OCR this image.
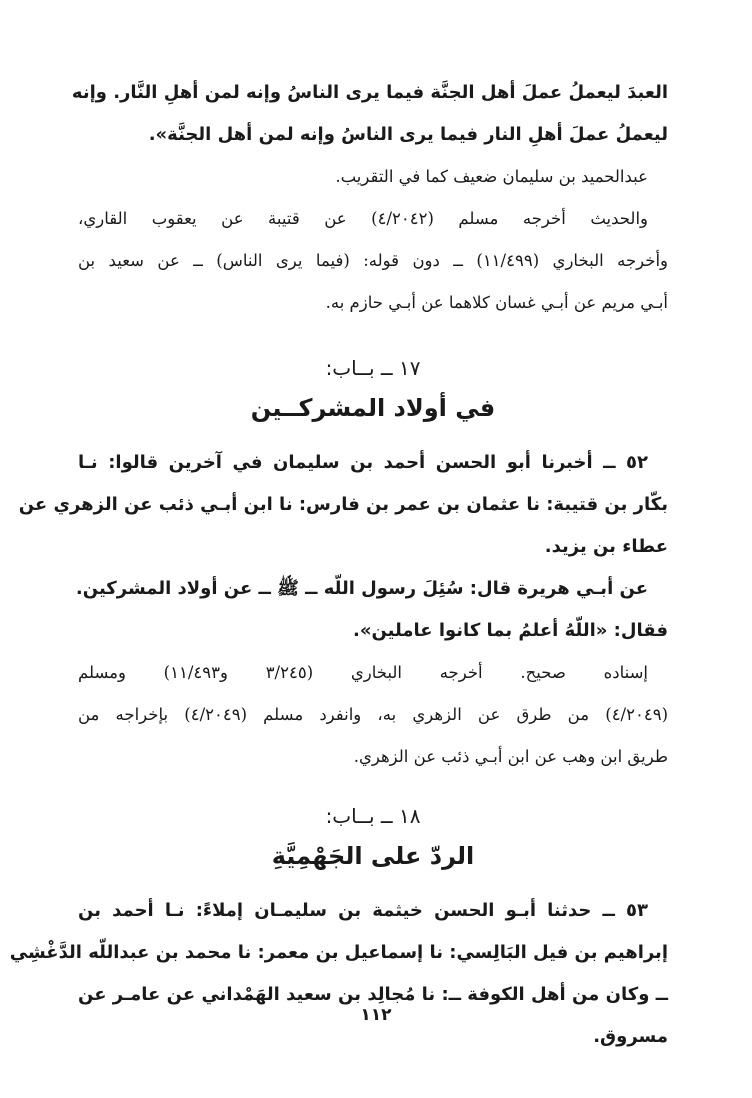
العبدَ ليعملُ عملَ أهل الجنَّة فيما يرى الناسُ وإنه لمن أهلِ النَّار. وإنه
ليعملُ عملَ أهلِ النار فيما يرى الناسُ وإنه لمن أهل الجنَّة».
عبدالحميد بن سليمان ضعيف كما في التقريب.
والحديث أخرجه مسلم (٤/٢٠٤٢) عن قتيبة عن يعقوب القاري،
وأخرجه البخاري (١١/٤٩٩) ــ دون قوله: (فيما يرى الناس) ــ عن سعيد بن
أبـي مريم عن أبـي غسان كلاهما عن أبـي حازم به.
١٧ ــ بــاب:
في أولاد المشركــين
٥٢ ــ أخبرنا أبو الحسن أحمد بن سليمان في آخرين قالوا: نـا
بكّار بن قتيبة: نا عثمان بن عمر بن فارس: نا ابن أبـي ذئب عن الزهري عن
عطاء بن يزيد.
عن أبـي هريرة قال: سُئِلَ رسول اللّه ــ ﷺ ــ عن أولاد المشركين.
فقال: «اللّهُ أعلمُ بما كانوا عاملين».
إسناده صحيح. أخرجه البخاري (٣/٢٤٥ و١١/٤٩٣) ومسلم
(٤/٢٠٤٩) من طرق عن الزهري به، وانفرد مسلم (٤/٢٠٤٩) بإخراجه من
طريق ابن وهب عن ابن أبـي ذئب عن الزهري.
١٨ ــ بــاب:
الردّ على الجَهْمِيَّةِ
٥٣ ــ حدثنا أبـو الحسن خيثمة بن سليمـان إملاءً: نـا أحمد بن
إبراهيم بن فيل البَالِسي: نا إسماعيل بن معمر: نا محمد بن عبداللّه الدَّغْشِي
ــ وكان من أهل الكوفة ــ: نا مُجالِد بن سعيد الهَمْداني عن عامـر عن
مسروق.
١١٢
